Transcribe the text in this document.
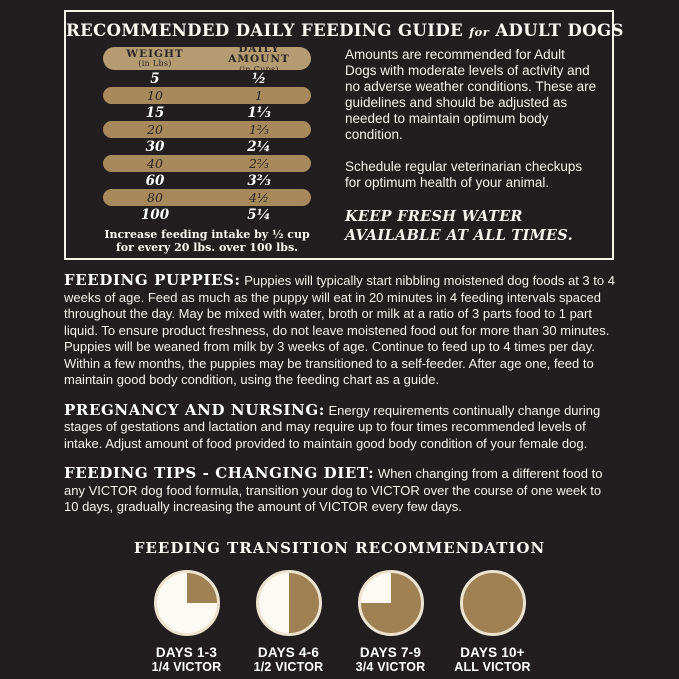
RECOMMENDED DAILY FEEDING GUIDE for ADULT DOGS
WEIGHT
(in Lbs)
DAILY AMOUNT
(in Cups)
5	½
10	1
15	1⅓
20	1⅔
30	2¼
40	2⅔
60	3⅔
80	4½
100	5¼
Increase feeding intake by ½ cup for every 20 lbs. over 100 lbs.

Amounts are recommended for Adult Dogs with moderate levels of activity and no adverse weather conditions. These are guidelines and should be adjusted as needed to maintain optimum body condition.

Schedule regular veterinarian checkups for optimum health of your animal.

KEEP FRESH WATER AVAILABLE AT ALL TIMES.

FEEDING PUPPIES: Puppies will typically start nibbling moistened dog foods at 3 to 4 weeks of age. Feed as much as the puppy will eat in 20 minutes in 4 feeding intervals spaced throughout the day. May be mixed with water, broth or milk at a ratio of 3 parts food to 1 part liquid. To ensure product freshness, do not leave moistened food out for more than 30 minutes. Puppies will be weaned from milk by 3 weeks of age. Continue to feed up to 4 times per day. Within a few months, the puppies may be transitioned to a self-feeder. After age one, feed to maintain good body condition, using the feeding chart as a guide.

PREGNANCY AND NURSING: Energy requirements continually change during stages of gestations and lactation and may require up to four times recommended levels of intake. Adjust amount of food provided to maintain good body condition of your female dog.

FEEDING TIPS - CHANGING DIET: When changing from a different food to any VICTOR dog food formula, transition your dog to VICTOR over the course of one week to 10 days, gradually increasing the amount of VICTOR every few days.

FEEDING TRANSITION RECOMMENDATION
DAYS 1-3
1/4 VICTOR
DAYS 4-6
1/2 VICTOR
DAYS 7-9
3/4 VICTOR
DAYS 10+
ALL VICTOR
